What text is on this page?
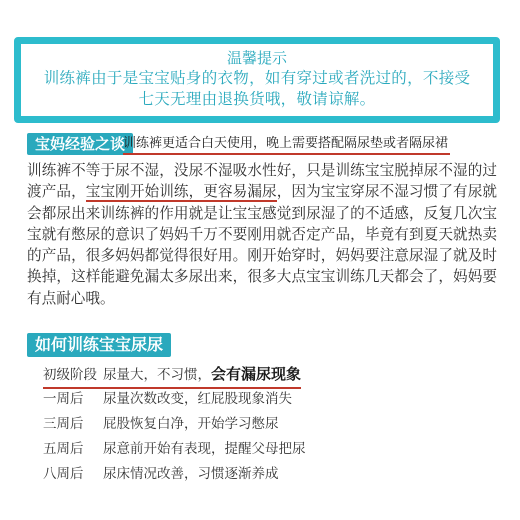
温馨提示
训练裤由于是宝宝贴身的衣物，如有穿过或者洗过的，不接受
七天无理由退换货哦，敬请谅解。
宝妈经验之谈
训练裤更适合白天使用，晚上需要搭配隔尿垫或者隔尿裙

训练裤不等于尿不湿，没尿不湿吸水性好，只是训练宝宝脱掉尿不湿的过渡产品，宝宝刚开始训练，更容易漏尿，因为宝宝穿尿不湿习惯了有尿就会都尿出来训练裤的作用就是让宝宝感觉到尿湿了的不适感，反复几次宝宝就有憋尿的意识了妈妈千万不要刚用就否定产品，毕竟有到夏天就热卖的产品，很多妈妈都觉得很好用。刚开始穿时，妈妈要注意尿湿了就及时换掉，这样能避免漏太多尿出来，很多大点宝宝训练几天都会了，妈妈要有点耐心哦。

如何训练宝宝尿尿
初级阶段 尿量大，不习惯，会有漏尿现象
一周后 尿量次数改变，红屁股现象消失
三周后 屁股恢复白净，开始学习憋尿
五周后 尿意前开始有表现，提醒父母把尿
八周后 尿床情况改善，习惯逐渐养成
